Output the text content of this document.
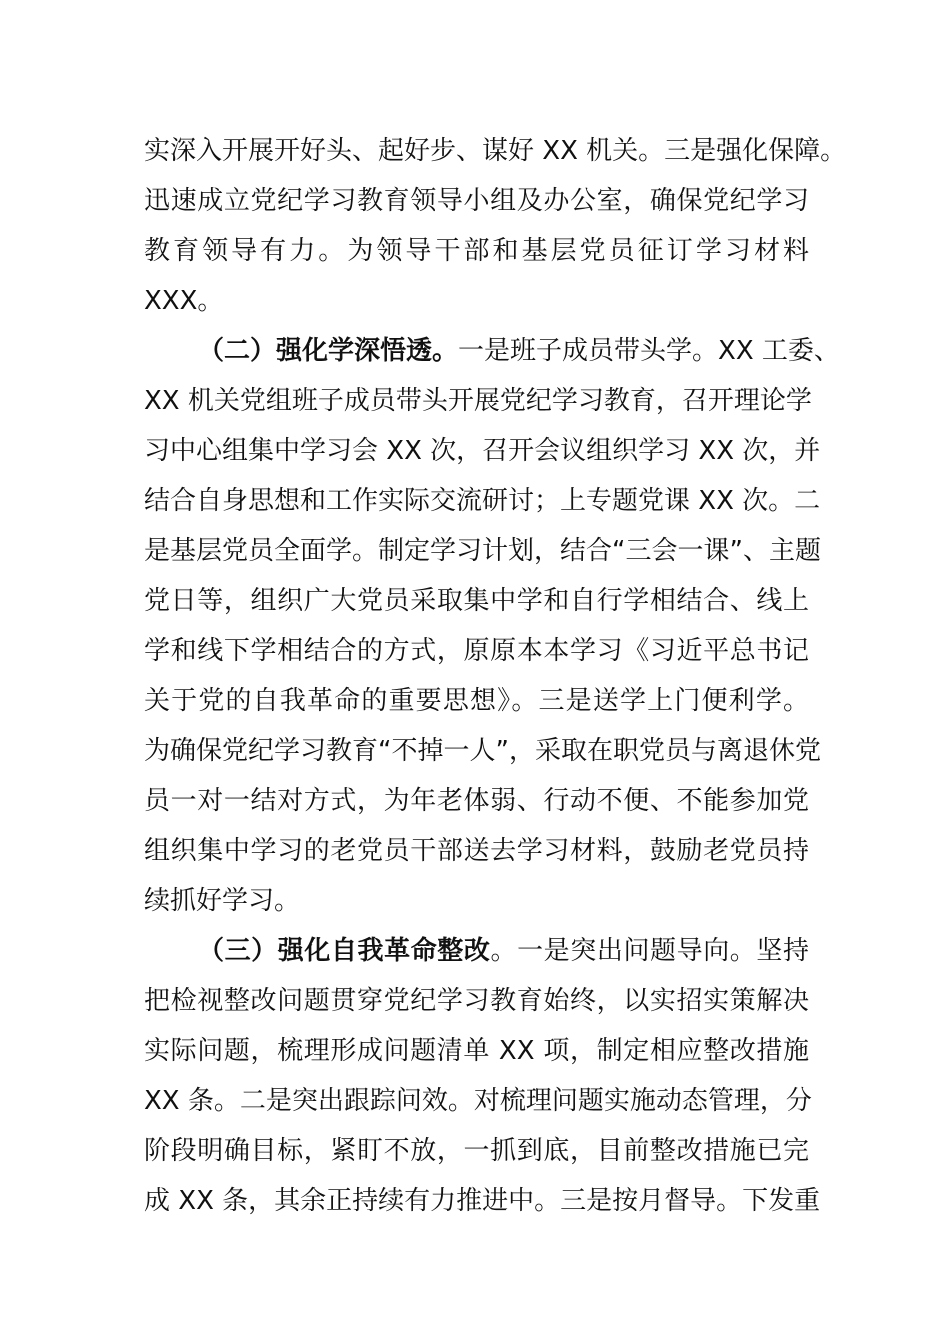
实深入开展开好头、起好步、谋好 XX 机关。三是强化保障。
迅速成立党纪学习教育领导小组及办公室，确保党纪学习
教育领导有力。为领导干部和基层党员征订学习材料
XXX。
（二）强化学深悟透。一是班子成员带头学。XX 工委、
XX 机关党组班子成员带头开展党纪学习教育，召开理论学
习中心组集中学习会 XX 次，召开会议组织学习 XX 次，并
结合自身思想和工作实际交流研讨；上专题党课 XX 次。二
是基层党员全面学。制定学习计划，结合“三会一课”、主题
党日等，组织广大党员采取集中学和自行学相结合、线上
学和线下学相结合的方式，原原本本学习《习近平总书记
关于党的自我革命的重要思想》。三是送学上门便利学。
为确保党纪学习教育“不掉一人”，采取在职党员与离退休党
员一对一结对方式，为年老体弱、行动不便、不能参加党
组织集中学习的老党员干部送去学习材料，鼓励老党员持
续抓好学习。
（三）强化自我革命整改。一是突出问题导向。坚持
把检视整改问题贯穿党纪学习教育始终，以实招实策解决
实际问题，梳理形成问题清单 XX 项，制定相应整改措施
XX 条。二是突出跟踪问效。对梳理问题实施动态管理，分
阶段明确目标，紧盯不放，一抓到底，目前整改措施已完
成 XX 条，其余正持续有力推进中。三是按月督导。下发重
